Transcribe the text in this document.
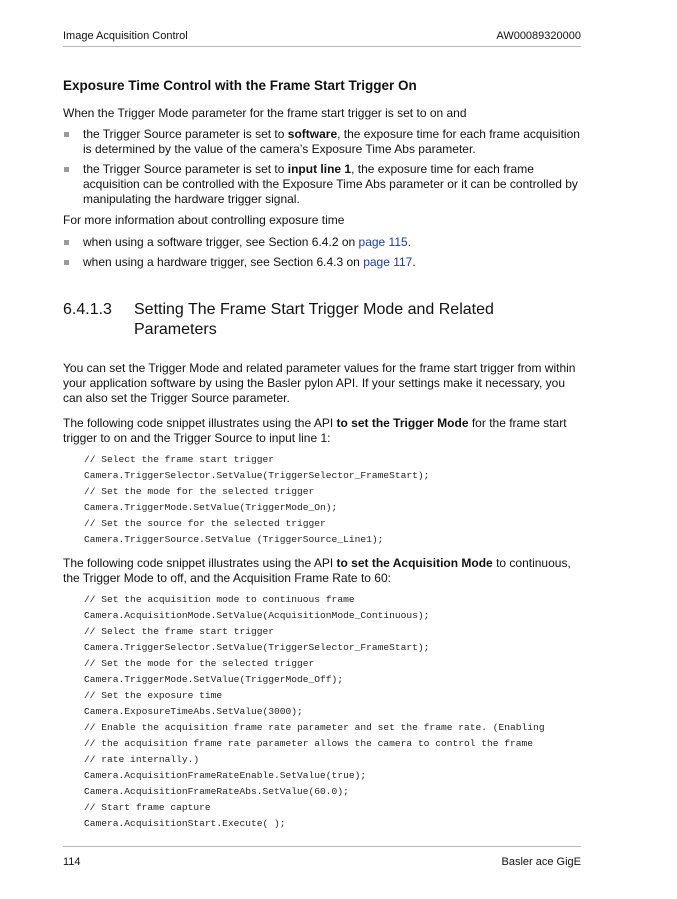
Image Acquisition Control	AW00089320000
Exposure Time Control with the Frame Start Trigger On

When the Trigger Mode parameter for the frame start trigger is set to on and

the Trigger Source parameter is set to software, the exposure time for each frame acquisition is determined by the value of the camera’s Exposure Time Abs parameter.
the Trigger Source parameter is set to input line 1, the exposure time for each frame acquisition can be controlled with the Exposure Time Abs parameter or it can be controlled by manipulating the hardware trigger signal.

For more information about controlling exposure time

when using a software trigger, see Section 6.4.2 on page 115.
when using a hardware trigger, see Section 6.4.3 on page 117.
6.4.1.3	Setting The Frame Start Trigger Mode and Related Parameters

You can set the Trigger Mode and related parameter values for the frame start trigger from within your application software by using the Basler pylon API. If your settings make it necessary, you can also set the Trigger Source parameter.

The following code snippet illustrates using the API to set the Trigger Mode for the frame start trigger to on and the Trigger Source to input line 1:

// Select the frame start trigger
Camera.TriggerSelector.SetValue(TriggerSelector_FrameStart);
// Set the mode for the selected trigger
Camera.TriggerMode.SetValue(TriggerMode_On);
// Set the source for the selected trigger
Camera.TriggerSource.SetValue (TriggerSource_Line1);

The following code snippet illustrates using the API to set the Acquisition Mode to continuous, the Trigger Mode to off, and the Acquisition Frame Rate to 60:

// Set the acquisition mode to continuous frame
Camera.AcquisitionMode.SetValue(AcquisitionMode_Continuous);
// Select the frame start trigger
Camera.TriggerSelector.SetValue(TriggerSelector_FrameStart);
// Set the mode for the selected trigger
Camera.TriggerMode.SetValue(TriggerMode_Off);
// Set the exposure time
Camera.ExposureTimeAbs.SetValue(3000);
// Enable the acquisition frame rate parameter and set the frame rate. (Enabling
// the acquisition frame rate parameter allows the camera to control the frame
// rate internally.)
Camera.AcquisitionFrameRateEnable.SetValue(true);
Camera.AcquisitionFrameRateAbs.SetValue(60.0);
// Start frame capture
Camera.AcquisitionStart.Execute( );
114	Basler ace GigE
